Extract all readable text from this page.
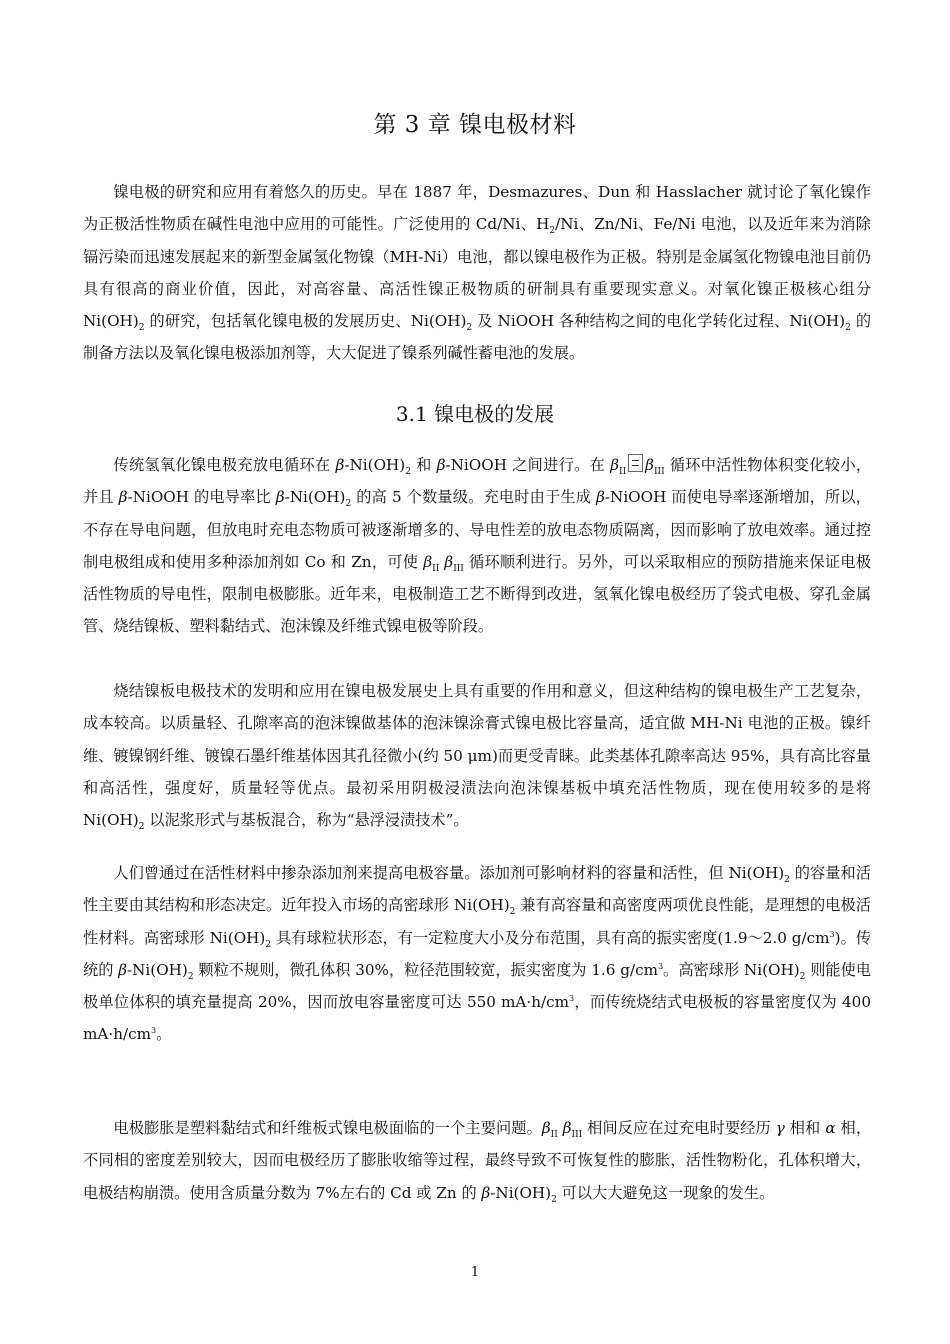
第 3 章 镍电极材料

镍电极的研究和应用有着悠久的历史。早在 1887 年，Desmazures、Dun 和 Hasslacher 就讨论了氧化镍作为正极活性物质在碱性电池中应用的可能性。广泛使用的 Cd/Ni、$H_2/Ni$、Zn/Ni、Fe/Ni 电池，以及近年来为消除镉污染而迅速发展起来的新型金属氢化物镍（MH-Ni）电池，都以镍电极作为正极。特别是金属氢化物镍电池目前仍具有很高的商业价值，因此，对高容量、高活性镍正极物质的研制具有重要现实意义。对氧化镍正极核心组分 $Ni(OH)_2$ 的研究，包括氧化镍电极的发展历史、$Ni(OH)_2$ 及 NiOOH 各种结构之间的电化学转化过程、$Ni(OH)_2$ 的制备方法以及氧化镍电极添加剂等，大大促进了镍系列碱性蓄电池的发展。

3.1 镍电极的发展

传统氢氧化镍电极充放电循环在 $\beta-Ni(OH)_2$ 和 β-NiOOH 之间进行。在 $\beta_{II}$ $\beta_{III}$ 循环中活性物体积变化较小，并且 β-NiOOH 的电导率比 $\beta-Ni(OH)_2$ 的高 5 个数量级。充电时由于生成 β-NiOOH 而使电导率逐渐增加，所以，不存在导电问题，但放电时充电态物质可被逐渐增多的、导电性差的放电态物质隔离，因而影响了放电效率。通过控制电极组成和使用多种添加剂如 Co 和 Zn，可使 $\beta_{II}$ $\beta_{III}$ 循环顺利进行。另外，可以采取相应的预防措施来保证电极活性物质的导电性，限制电极膨胀。近年来，电极制造工艺不断得到改进，氢氧化镍电极经历了袋式电极、穿孔金属管、烧结镍板、塑料黏结式、泡沫镍及纤维式镍电极等阶段。

烧结镍板电极技术的发明和应用在镍电极发展史上具有重要的作用和意义，但这种结构的镍电极生产工艺复杂，成本较高。以质量轻、孔隙率高的泡沫镍做基体的泡沫镍涂膏式镍电极比容量高，适宜做 MH-Ni 电池的正极。镍纤维、镀镍钢纤维、镀镍石墨纤维基体因其孔径微小(约 50 μm)而更受青睐。此类基体孔隙率高达 95%，具有高比容量和高活性，强度好，质量轻等优点。最初采用阴极浸渍法向泡沫镍基板中填充活性物质，现在使用较多的是将 $Ni(OH)_2$ 以泥浆形式与基板混合，称为“悬浮浸渍技术”。

人们曾通过在活性材料中掺杂添加剂来提高电极容量。添加剂可影响材料的容量和活性，但 $Ni(OH)_2$ 的容量和活性主要由其结构和形态决定。近年投入市场的高密球形 $Ni(OH)_2$ 兼有高容量和高密度两项优良性能，是理想的电极活性材料。高密球形 $Ni(OH)_2$ 具有球粒状形态，有一定粒度大小及分布范围，具有高的振实密度(1.9～2.0 $g/cm^3$)。传统的 $\beta-Ni(OH)_2$ 颗粒不规则，微孔体积 30%，粒径范围较宽，振实密度为 1.6 $g/cm^3$。高密球形 $Ni(OH)_2$ 则能使电极单位体积的填充量提高 20%，因而放电容量密度可达 550 $mA\cdot h/cm^3$，而传统烧结式电极板的容量密度仅为 400 $mA\cdot h/cm^3$。

电极膨胀是塑料黏结式和纤维板式镍电极面临的一个主要问题。$\beta_{II}$ $\beta_{III}$ 相间反应在过充电时要经历 γ 相和 α 相，不同相的密度差别较大，因而电极经历了膨胀收缩等过程，最终导致不可恢复性的膨胀，活性物粉化，孔体积增大，电极结构崩溃。使用含质量分数为 7%左右的 Cd 或 Zn 的 $\beta-Ni(OH)_2$ 可以大大避免这一现象的发生。

1
